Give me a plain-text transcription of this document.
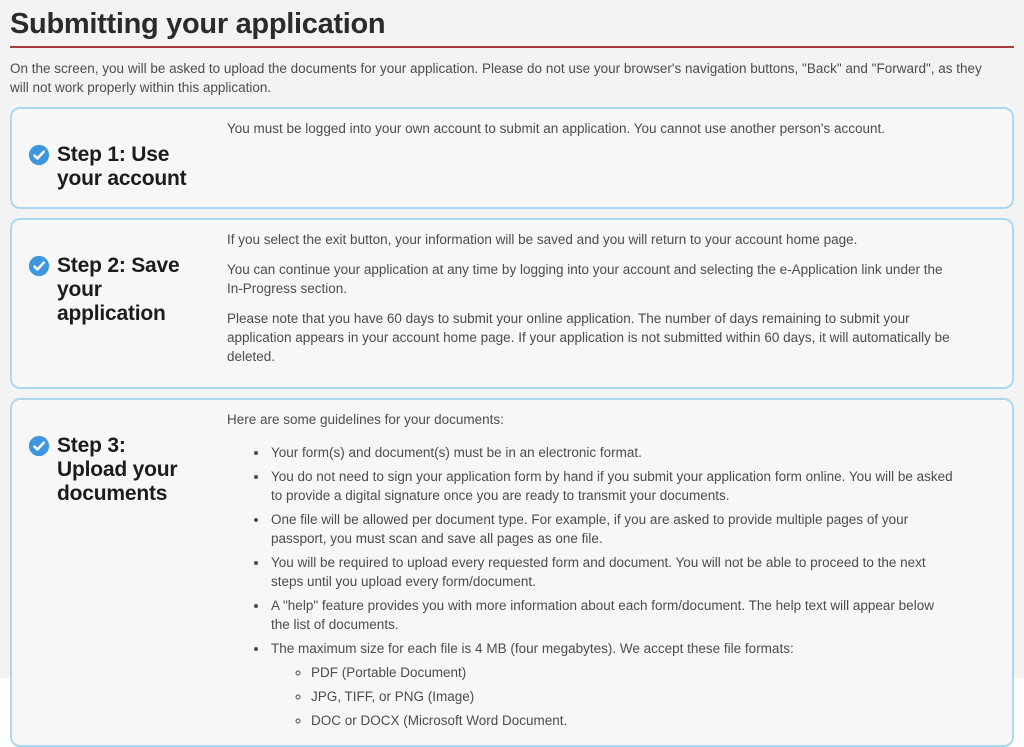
Submitting your application

On the screen, you will be asked to upload the documents for your application. Please do not use your browser's navigation buttons, "Back" and "Forward", as they will not work properly within this application.

Step 1: Use your account

You must be logged into your own account to submit an application. You cannot use another person's account.

Step 2: Save your application

If you select the exit button, your information will be saved and you will return to your account home page.

You can continue your application at any time by logging into your account and selecting the e-Application link under the In-Progress section.

Please note that you have 60 days to submit your online application. The number of days remaining to submit your application appears in your account home page. If your application is not submitted within 60 days, it will automatically be deleted.

Step 3: Upload your documents

Here are some guidelines for your documents:

• Your form(s) and document(s) must be in an electronic format.
• You do not need to sign your application form by hand if you submit your application form online. You will be asked to provide a digital signature once you are ready to transmit your documents.
• One file will be allowed per document type. For example, if you are asked to provide multiple pages of your passport, you must scan and save all pages as one file.
• You will be required to upload every requested form and document. You will not be able to proceed to the next steps until you upload every form/document.
• A "help" feature provides you with more information about each form/document. The help text will appear below the list of documents.
• The maximum size for each file is 4 MB (four megabytes). We accept these file formats:
◦ PDF (Portable Document)
◦ JPG, TIFF, or PNG (Image)
◦ DOC or DOCX (Microsoft Word Document.
